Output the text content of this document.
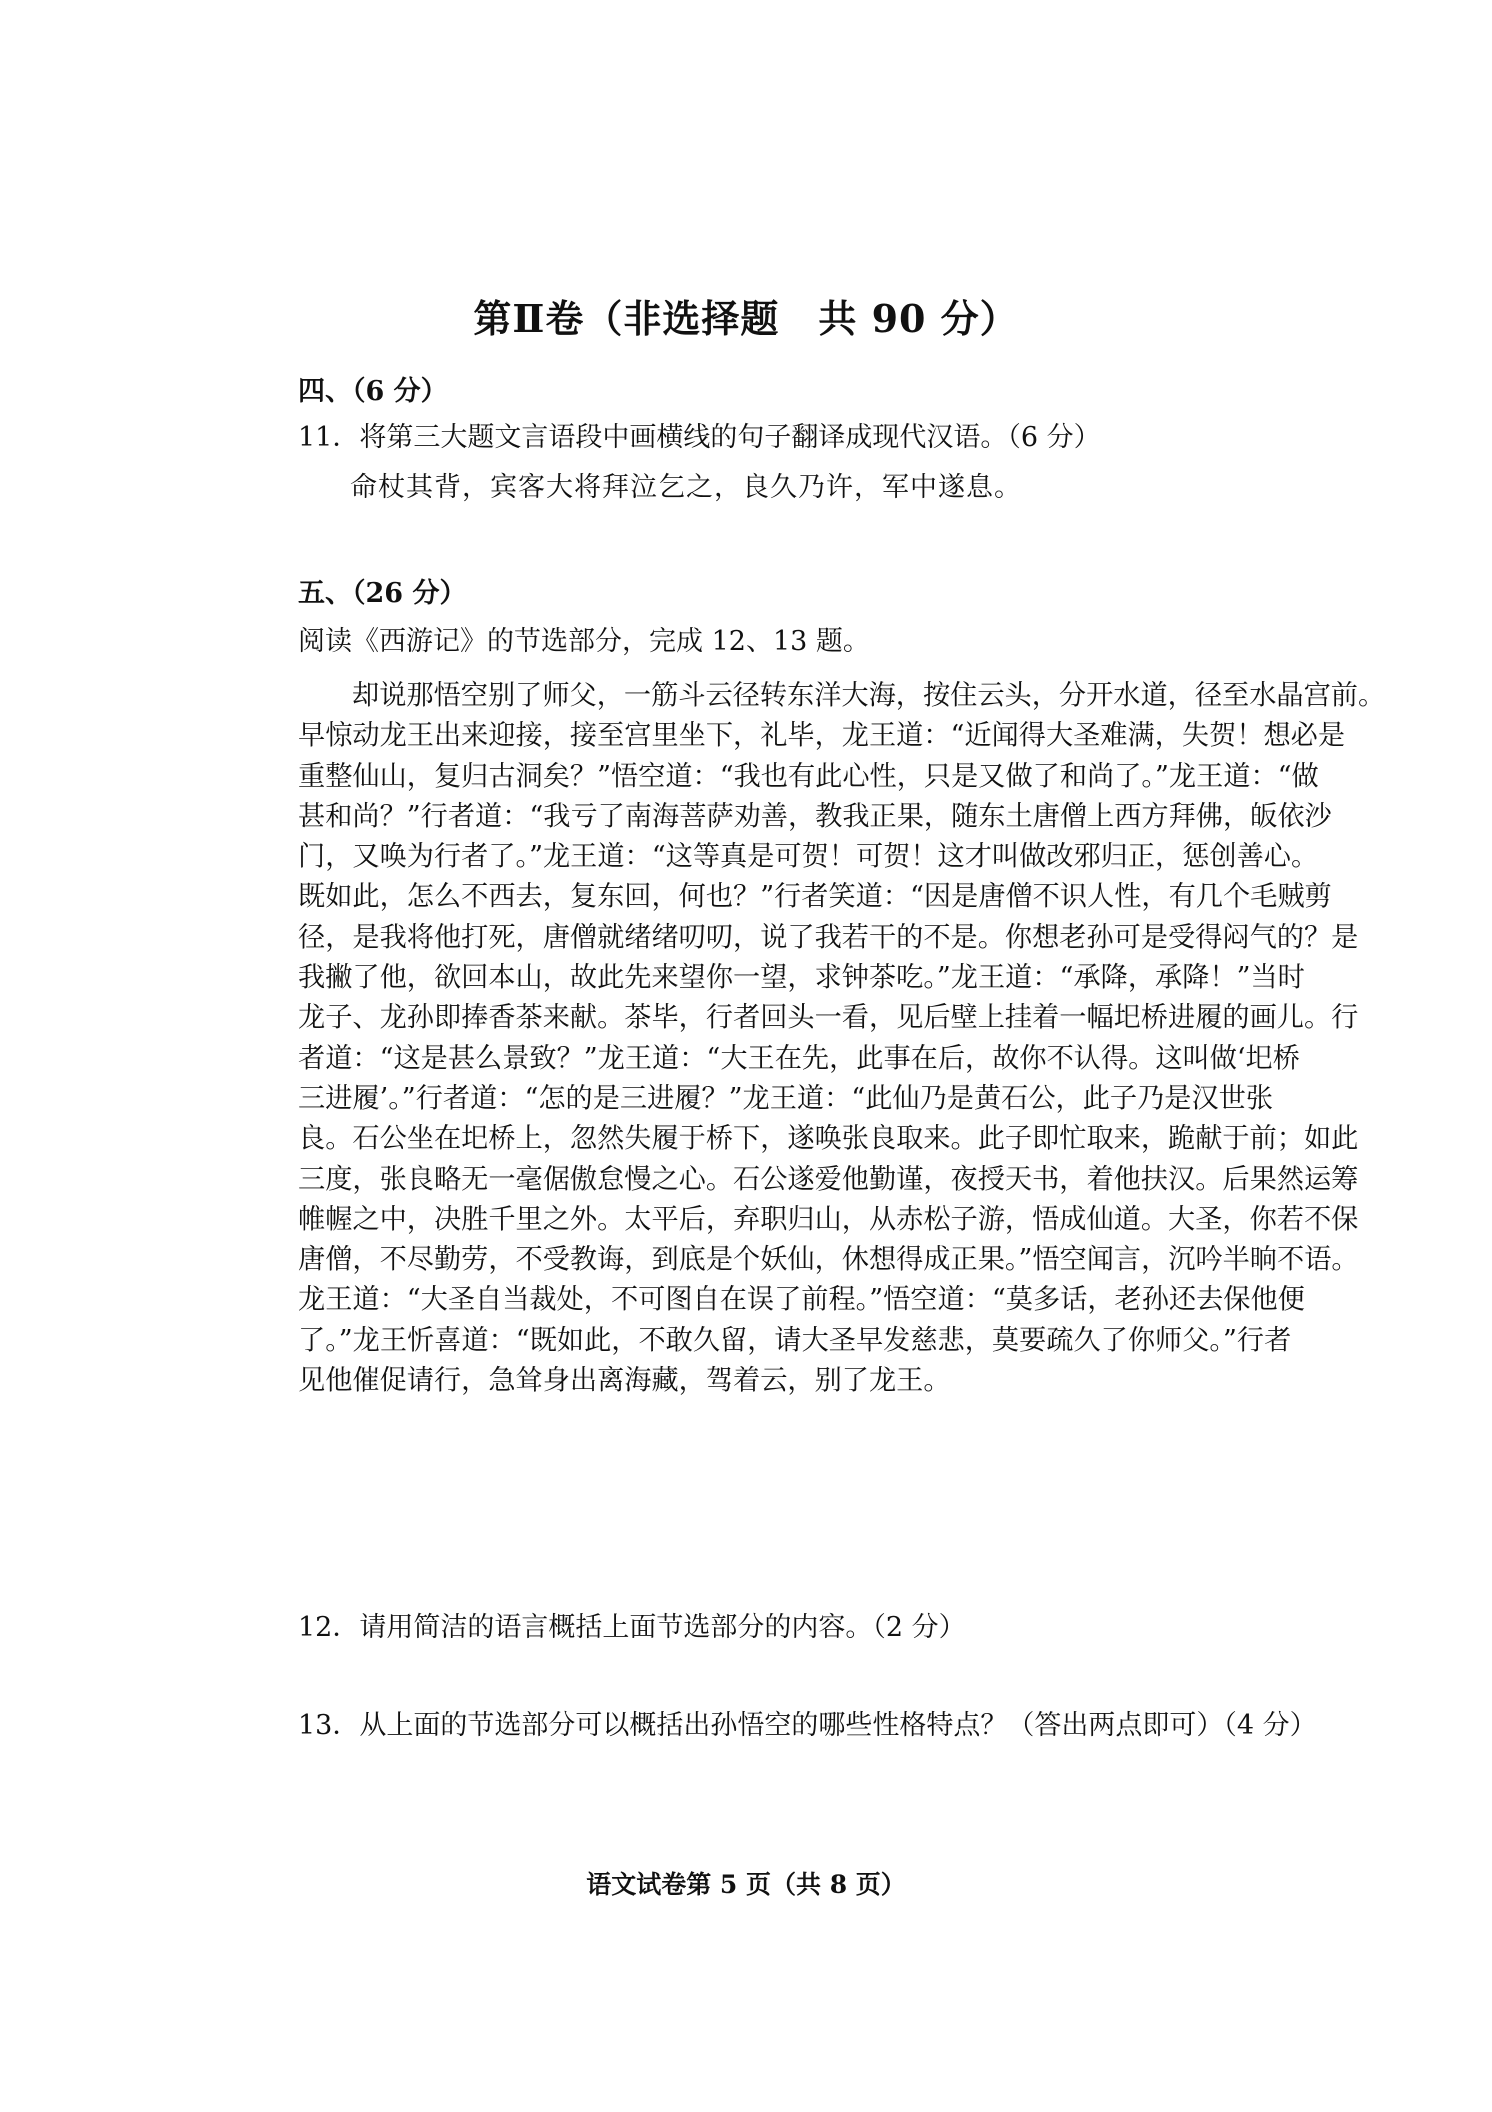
第Ⅱ卷（非选择题　共 90 分）
四、（6 分）
11．将第三大题文言语段中画横线的句子翻译成现代汉语。（6 分）
命杖其背，宾客大将拜泣乞之，良久乃许，军中遂息。
五、（26 分）
阅读《西游记》的节选部分，完成 12、13 题。
却说那悟空别了师父，一筋斗云径转东洋大海，按住云头，分开水道，径至水晶宫前。
早惊动龙王出来迎接，接至宫里坐下，礼毕，龙王道：“近闻得大圣难满，失贺！想必是
重整仙山，复归古洞矣？”悟空道：“我也有此心性，只是又做了和尚了。”龙王道：“做
甚和尚？”行者道：“我亏了南海菩萨劝善，教我正果，随东土唐僧上西方拜佛，皈依沙
门，又唤为行者了。”龙王道：“这等真是可贺！可贺！这才叫做改邪归正，惩创善心。
既如此，怎么不西去，复东回，何也？”行者笑道：“因是唐僧不识人性，有几个毛贼剪
径，是我将他打死，唐僧就绪绪叨叨，说了我若干的不是。你想老孙可是受得闷气的？是
我撇了他，欲回本山，故此先来望你一望，求钟茶吃。”龙王道：“承降，承降！”当时
龙子、龙孙即捧香茶来献。茶毕，行者回头一看，见后壁上挂着一幅圯桥进履的画儿。行
者道：“这是甚么景致？”龙王道：“大王在先，此事在后，故你不认得。这叫做‘圯桥
三进履’。”行者道：“怎的是三进履？”龙王道：“此仙乃是黄石公，此子乃是汉世张
良。石公坐在圯桥上，忽然失履于桥下，遂唤张良取来。此子即忙取来，跪献于前；如此
三度，张良略无一毫倨傲怠慢之心。石公遂爱他勤谨，夜授天书，着他扶汉。后果然运筹
帷幄之中，决胜千里之外。太平后，弃职归山，从赤松子游，悟成仙道。大圣，你若不保
唐僧，不尽勤劳，不受教诲，到底是个妖仙，休想得成正果。”悟空闻言，沉吟半晌不语。
龙王道：“大圣自当裁处，不可图自在误了前程。”悟空道：“莫多话，老孙还去保他便
了。”龙王忻喜道：“既如此，不敢久留，请大圣早发慈悲，莫要疏久了你师父。”行者
见他催促请行，急耸身出离海藏，驾着云，别了龙王。
12．请用简洁的语言概括上面节选部分的内容。（2 分）
13．从上面的节选部分可以概括出孙悟空的哪些性格特点？（答出两点即可）（4 分）
语文试卷第 5 页（共 8 页）
